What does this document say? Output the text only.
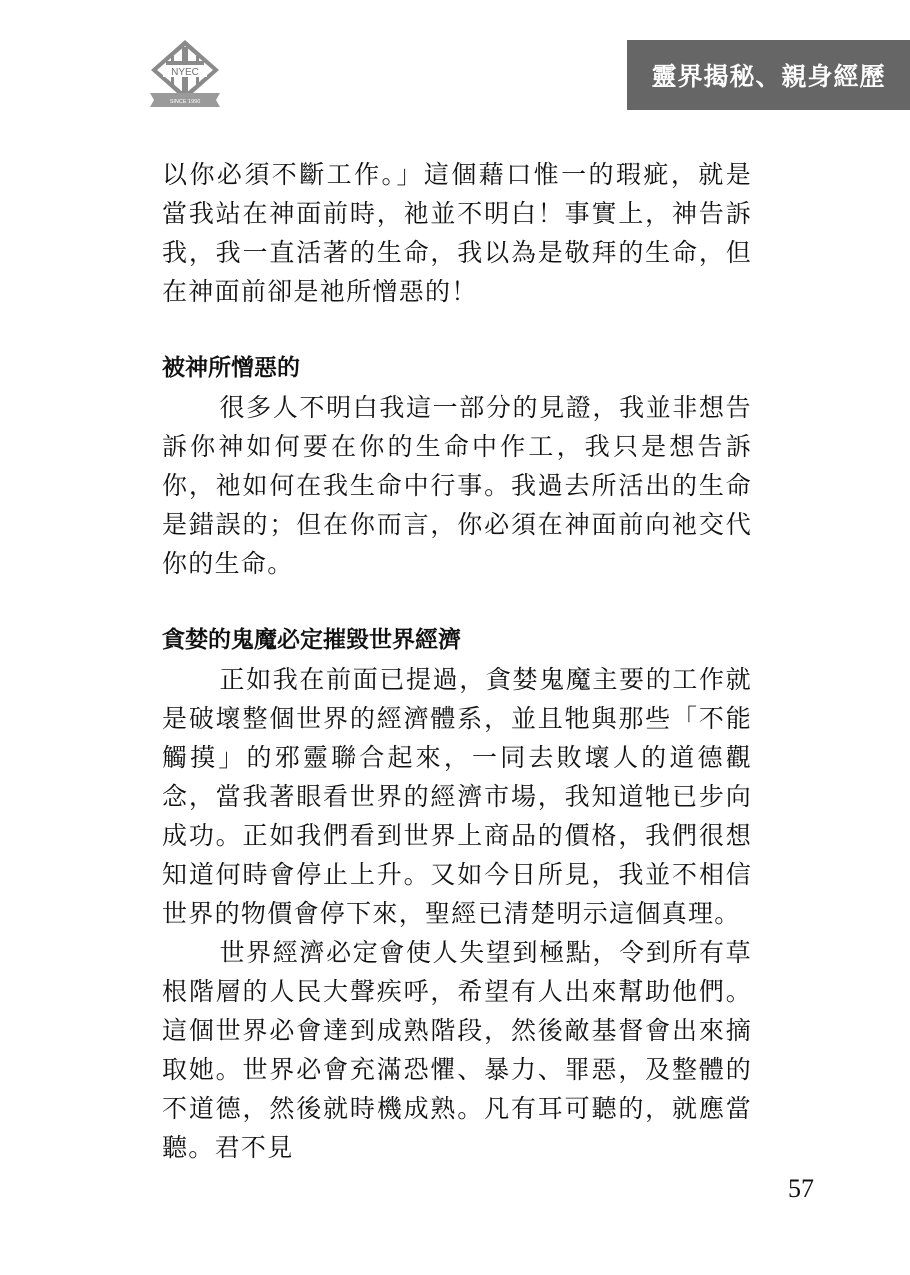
NYEC
SINCE 1990
靈界揭秘、親身經歷

以你必須不斷工作。」這個藉口惟一的瑕疵，就是當我站在神面前時，祂並不明白！事實上，神告訴我，我一直活著的生命，我以為是敬拜的生命，但在神面前卻是祂所憎惡的！

被神所憎惡的

很多人不明白我這一部分的見證，我並非想告訴你神如何要在你的生命中作工，我只是想告訴你，祂如何在我生命中行事。我過去所活出的生命是錯誤的；但在你而言，你必須在神面前向祂交代你的生命。

貪婪的鬼魔必定摧毀世界經濟

正如我在前面已提過，貪婪鬼魔主要的工作就是破壞整個世界的經濟體系，並且牠與那些「不能觸摸」的邪靈聯合起來，一同去敗壞人的道德觀念，當我著眼看世界的經濟市場，我知道牠已步向成功。正如我們看到世界上商品的價格，我們很想知道何時會停止上升。又如今日所見，我並不相信世界的物價會停下來，聖經已清楚明示這個真理。

世界經濟必定會使人失望到極點，令到所有草根階層的人民大聲疾呼，希望有人出來幫助他們。這個世界必會達到成熟階段，然後敵基督會出來摘取她。世界必會充滿恐懼、暴力、罪惡，及整體的不道德，然後就時機成熟。凡有耳可聽的，就應當聽。君不見

57
